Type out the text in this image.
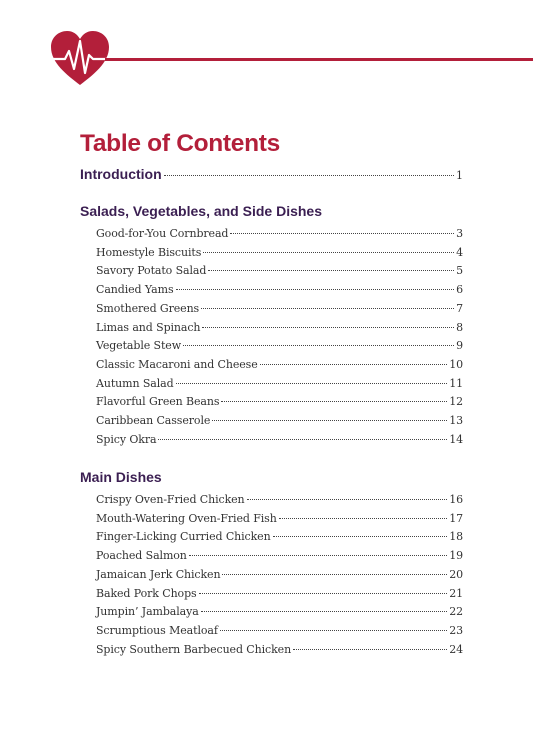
Table of Contents
Introduction	1
Salads, Vegetables, and Side Dishes
Good-for-You Cornbread	3
Homestyle Biscuits	4
Savory Potato Salad	5
Candied Yams	6
Smothered Greens	7
Limas and Spinach	8
Vegetable Stew	9
Classic Macaroni and Cheese	10
Autumn Salad	11
Flavorful Green Beans	12
Caribbean Casserole	13
Spicy Okra	14
Main Dishes
Crispy Oven-Fried Chicken	16
Mouth-Watering Oven-Fried Fish	17
Finger-Licking Curried Chicken	18
Poached Salmon	19
Jamaican Jerk Chicken	20
Baked Pork Chops	21
Jumpin’ Jambalaya	22
Scrumptious Meatloaf	23
Spicy Southern Barbecued Chicken	24
